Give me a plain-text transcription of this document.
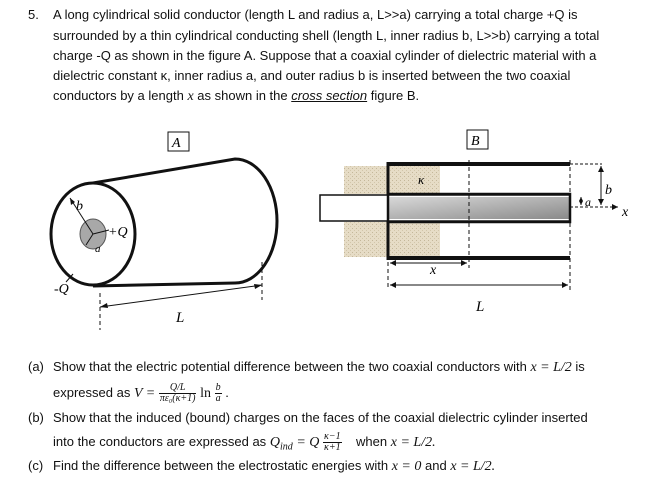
5. A long cylindrical solid conductor (length L and radius a, L>>a) carrying a total charge +Q is
surrounded by a thin cylindrical conducting shell (length L, inner radius b, L>>b) carrying a total
charge -Q as shown in the figure A. Suppose that a coaxial cylinder of dielectric material with a
dielectric constant κ, inner radius a, and outer radius b is inserted between the two coaxial
conductors by a length x as shown in the cross section figure B.
A
b
a
+Q
-Q
L
B
κ
b
a
x
x
L
(a) Show that the electric potential difference between the two coaxial conductors with x = L/2 is
expressed as $V = \frac{Q/L}{\text{πε₀(κ+1)}}$ $\ln \frac{b}{a}$ .
(b) Show that the induced (bound) charges on the faces of the coaxial dielectric cylinder inserted
into the conductors are expressed as $Q_{ind} = Q \frac{\kappa-1}{\kappa+1}$ when x = L/2.
(c) Find the difference between the electrostatic energies with x = 0 and x = L/2.
